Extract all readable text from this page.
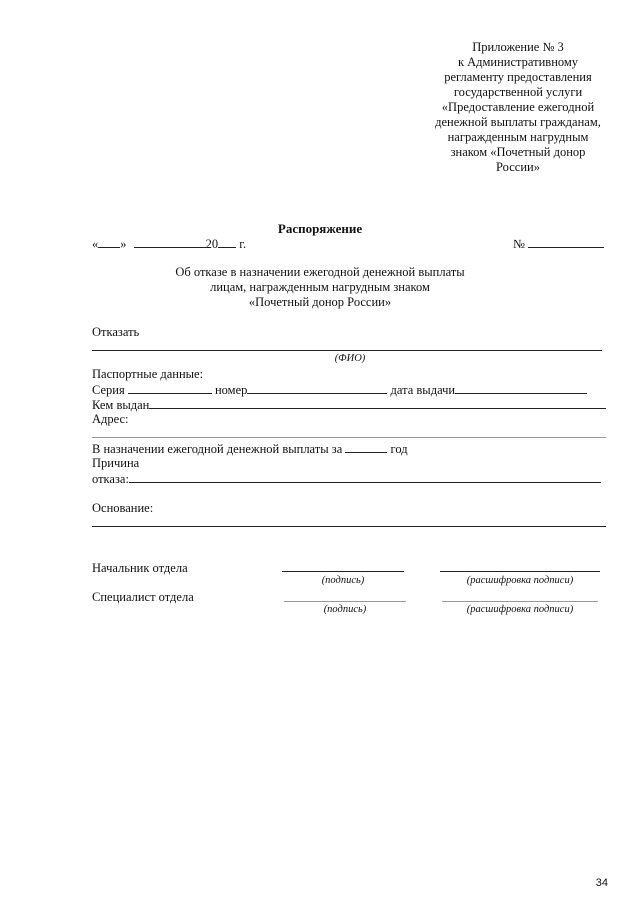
Приложение № 3
к Административному
регламенту предоставления
государственной услуги
«Предоставление ежегодной
денежной выплаты гражданам,
награжденным нагрудным
знаком «Почетный донор
России»
Распоряжение
« »	20 г.	№
Об отказе в назначении ежегодной денежной выплаты
лицам, награжденным нагрудным знаком
«Почетный донор России»
Отказать
(ФИО)
Паспортные данные:
Серия	номер	дата выдачи
Кем выдан
Адрес:
В назначении ежегодной денежной выплаты за	год
Причина
отказа:
Основание:
Начальник отдела
(подпись)	(расшифровка подписи)
Специалист отдела
(подпись)	(расшифровка подписи)
34
